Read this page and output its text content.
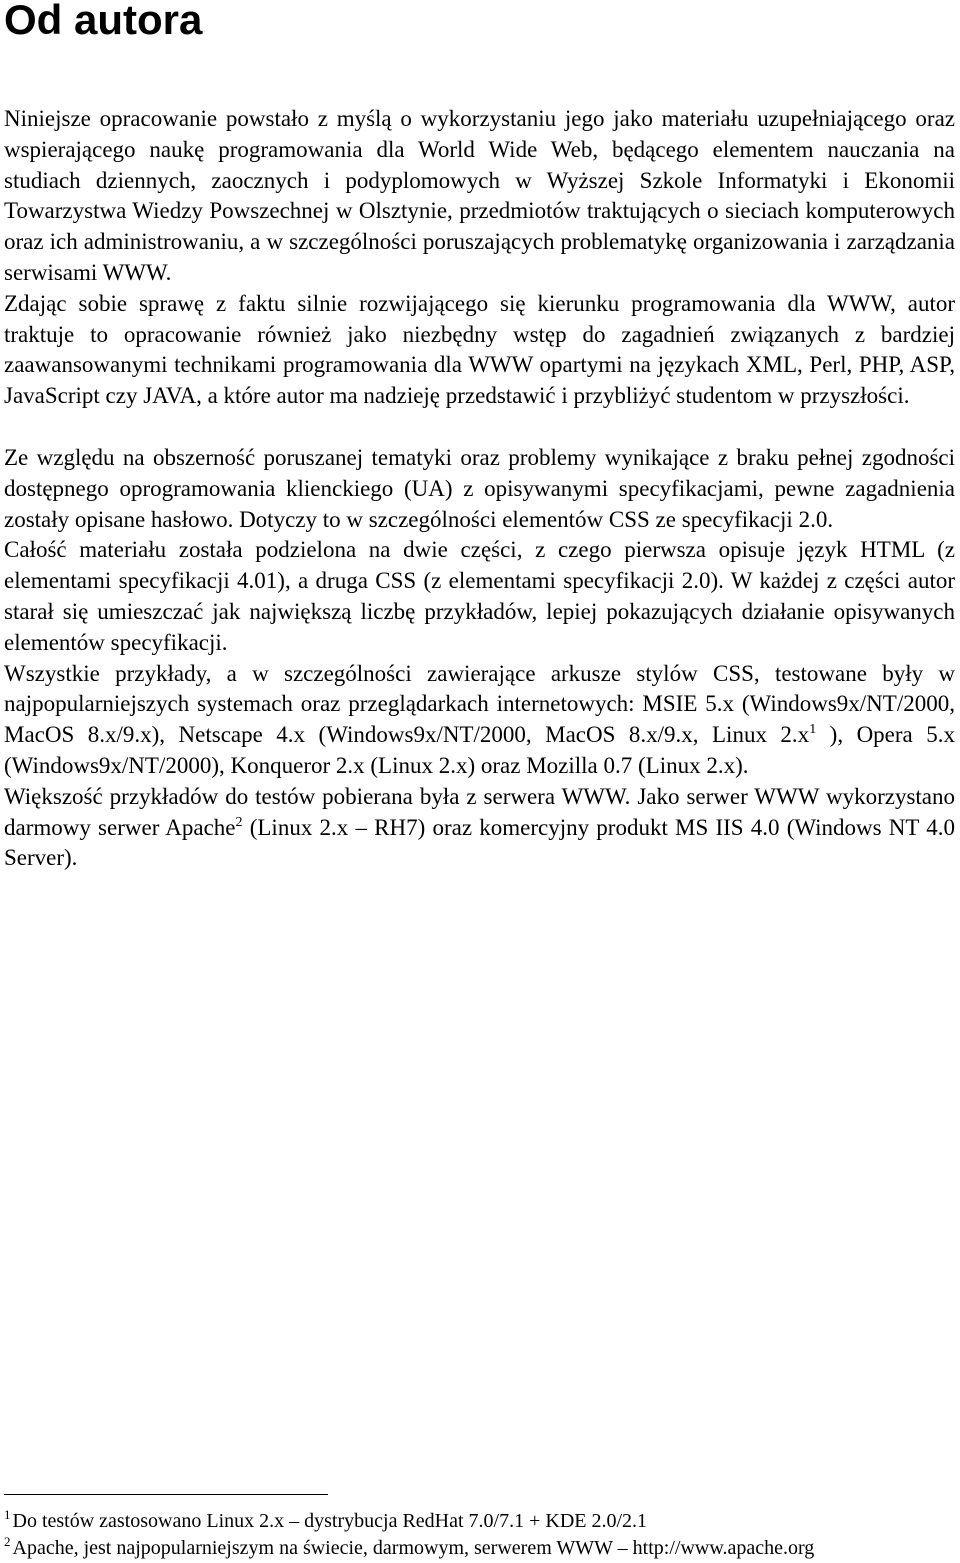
Od autora

Niniejsze opracowanie powstało z myślą o wykorzystaniu jego jako materiału uzupełniającego oraz wspierającego naukę programowania dla World Wide Web, będącego elementem nauczania na studiach dziennych, zaocznych i podyplomowych w Wyższej Szkole Informatyki i Ekonomii Towarzystwa Wiedzy Powszechnej w Olsztynie, przedmiotów traktujących o sieciach komputerowych oraz ich administrowaniu, a w szczególności poruszających problematykę organizowania i zarządzania serwisami WWW.

Zdając sobie sprawę z faktu silnie rozwijającego się kierunku programowania dla WWW, autor traktuje to opracowanie również jako niezbędny wstęp do zagadnień związanych z bardziej zaawansowanymi technikami programowania dla WWW opartymi na językach XML, Perl, PHP, ASP, JavaScript czy JAVA, a które autor ma nadzieję przedstawić i przybliżyć studentom w przyszłości.

Ze względu na obszerność poruszanej tematyki oraz problemy wynikające z braku pełnej zgodności dostępnego oprogramowania klienckiego (UA) z opisywanymi specyfikacjami, pewne zagadnienia zostały opisane hasłowo. Dotyczy to w szczególności elementów CSS ze specyfikacji 2.0.

Całość materiału została podzielona na dwie części, z czego pierwsza opisuje język HTML (z elementami specyfikacji 4.01), a druga CSS (z elementami specyfikacji 2.0). W każdej z części autor starał się umieszczać jak największą liczbę przykładów, lepiej pokazujących działanie opisywanych elementów specyfikacji.

Wszystkie przykłady, a w szczególności zawierające arkusze stylów CSS, testowane były w najpopularniejszych systemach oraz przeglądarkach internetowych: MSIE 5.x (Windows9x/NT/2000, MacOS 8.x/9.x), Netscape 4.x (Windows9x/NT/2000, MacOS 8.x/9.x, Linux $2.x^1$ ), Opera 5.x (Windows9x/NT/2000), Konqueror 2.x (Linux 2.x) oraz Mozilla 0.7 (Linux 2.x).

Większość przykładów do testów pobierana była z serwera WWW. Jako serwer WWW wykorzystano darmowy serwer Apache$^2$ (Linux 2.x – RH7) oraz komercyjny produkt MS IIS 4.0 (Windows NT 4.0 Server).

$^1$ Do testów zastosowano Linux 2.x – dystrybucja RedHat 7.0/7.1 + KDE 2.0/2.1

$^2$ Apache, jest najpopularniejszym na świecie, darmowym, serwerem WWW – http://www.apache.org
